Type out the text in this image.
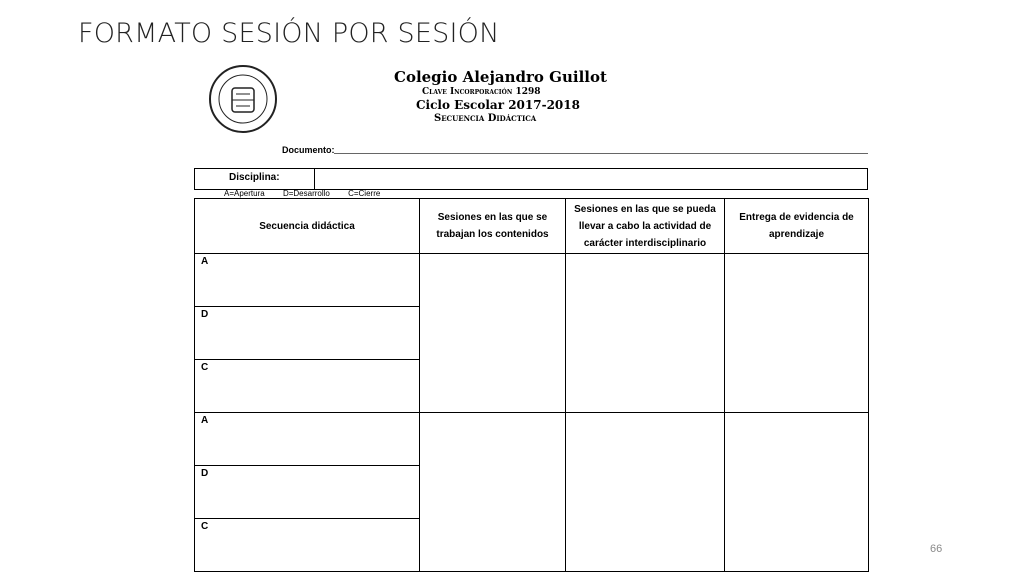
FORMATO SESIÓN POR SESIÓN
Colegio Alejandro Guillot
Clave Incorporación 1298
Ciclo Escolar 2017-2018
Secuencia Didáctica
Documento:
Disciplina:
A=Apertura D=Desarrollo C=Cierre
Secuencia didáctica	Sesiones en las que se trabajan los contenidos	Sesiones en las que se pueda llevar a cabo la actividad de carácter interdisciplinario	Entrega de evidencia de aprendizaje
A			
D			
C			
A			
D			
C			
66
